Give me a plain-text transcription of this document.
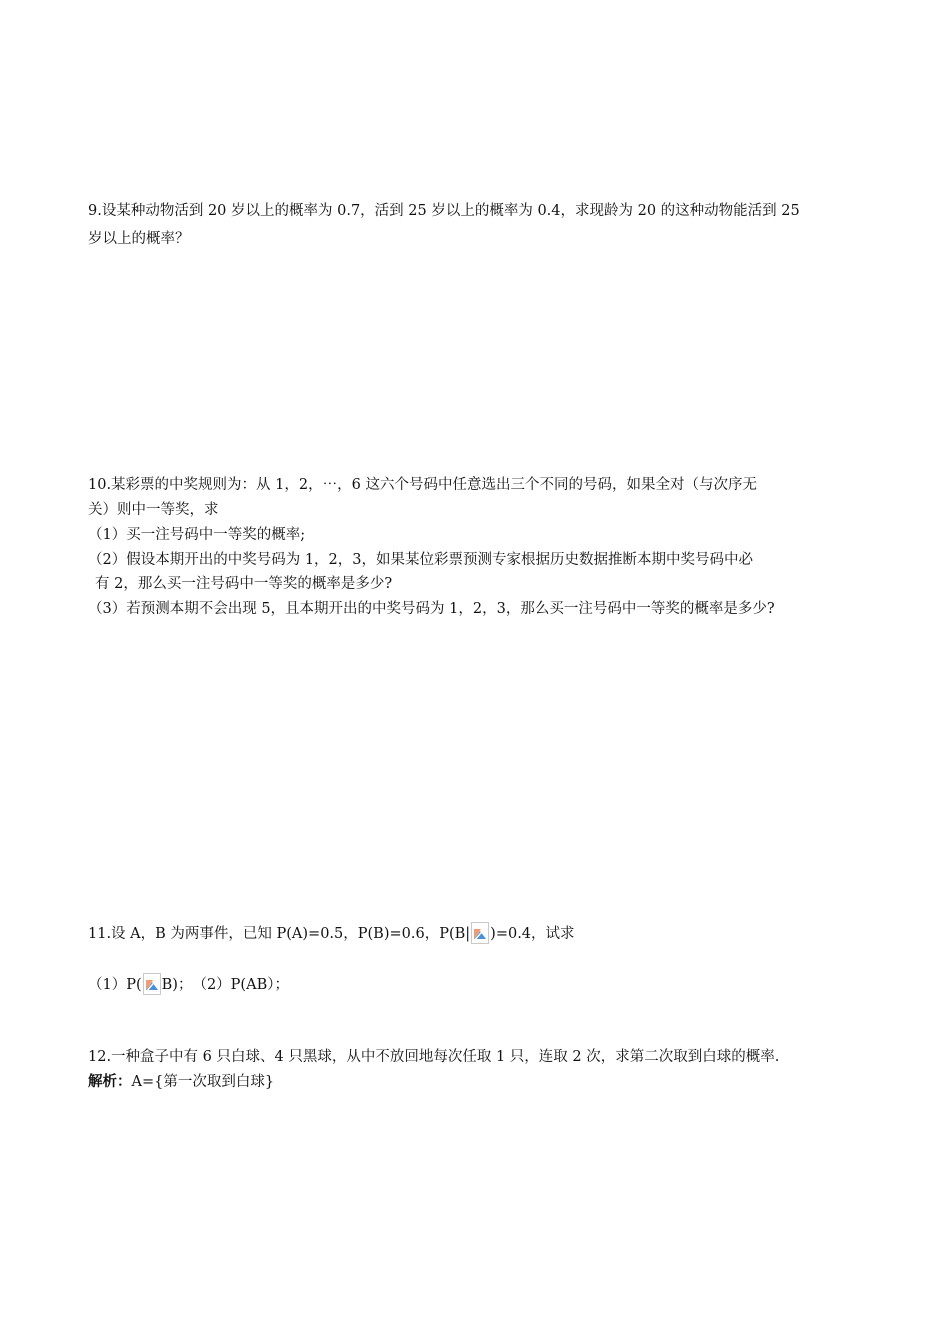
9.设某种动物活到 20 岁以上的概率为 0.7，活到 25 岁以上的概率为 0.4，求现龄为 20 的这种动物能活到 25
岁以上的概率？
10.某彩票的中奖规则为：从 1，2，⋯，6 这六个号码中任意选出三个不同的号码，如果全对（与次序无
关）则中一等奖，求
（1）买一注号码中一等奖的概率;
（2）假设本期开出的中奖号码为 1，2，3，如果某位彩票预测专家根据历史数据推断本期中奖号码中必
有 2，那么买一注号码中一等奖的概率是多少?
（3）若预测本期不会出现 5，且本期开出的中奖号码为 1，2，3，那么买一注号码中一等奖的概率是多少?
11.设 A，B 为两事件，已知 P(A)=0.5，P(B)=0.6，P(B| )=0.4，试求
（1）P( B)；　（2）P(AB）；
12.一种盒子中有 6 只白球、4 只黑球，从中不放回地每次任取 1 只，连取 2 次，求第二次取到白球的概率.
解析：A={第一次取到白球}
